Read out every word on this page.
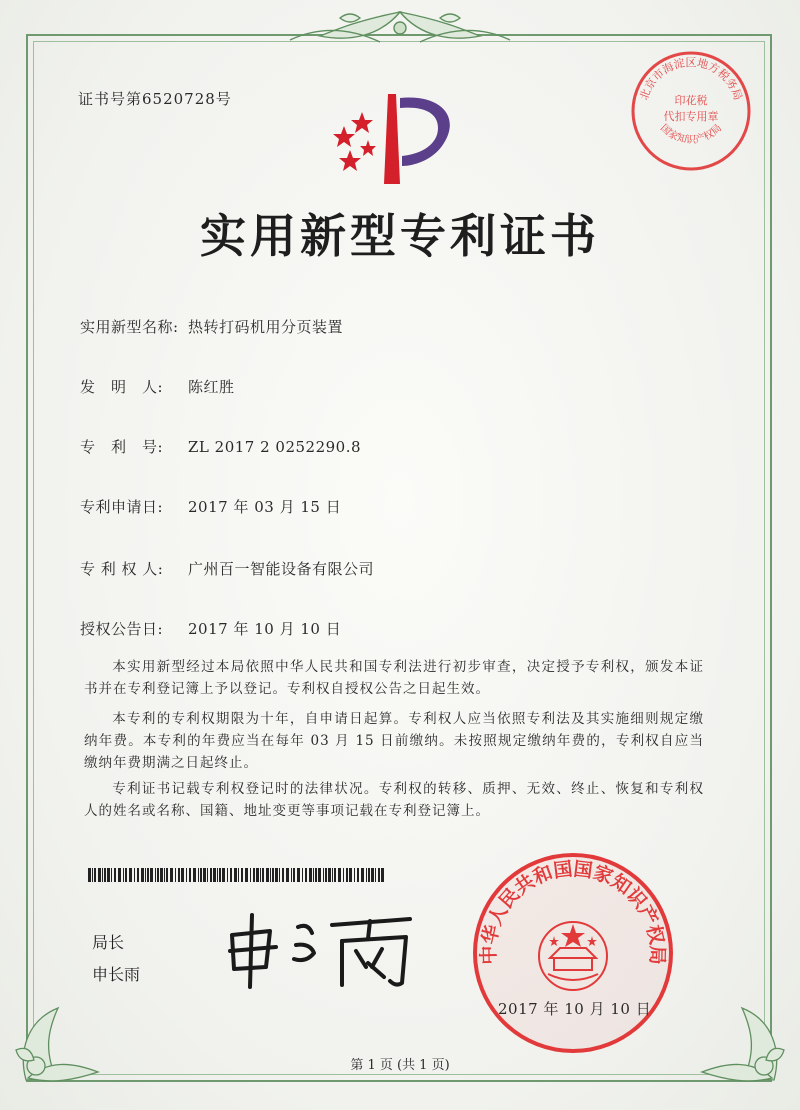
证书号第6520728号	北京市海淀区地方税务局
印花税
代扣专用章
国家知识产权局
实用新型专利证书
实用新型名称: 热转打码机用分页装置
发　明　人: 陈红胜
专　利　号: ZL 2017 2 0252290.8
专利申请日: 2017 年 03 月 15 日
专 利 权 人: 广州百一智能设备有限公司
授权公告日: 2017 年 10 月 10 日
本实用新型经过本局依照中华人民共和国专利法进行初步审查，决定授予专利权，颁发本证书并在专利登记簿上予以登记。专利权自授权公告之日起生效。
本专利的专利权期限为十年，自申请日起算。专利权人应当依照专利法及其实施细则规定缴纳年费。本专利的年费应当在每年 03 月 15 日前缴纳。未按照规定缴纳年费的，专利权自应当缴纳年费期满之日起终止。
专利证书记载专利权登记时的法律状况。专利权的转移、质押、无效、终止、恢复和专利权人的姓名或名称、国籍、地址变更等事项记载在专利登记簿上。
局长
申长雨
中华人民共和国国家知识产权局
2017 年 10 月 10 日
第 1 页 (共 1 页)
